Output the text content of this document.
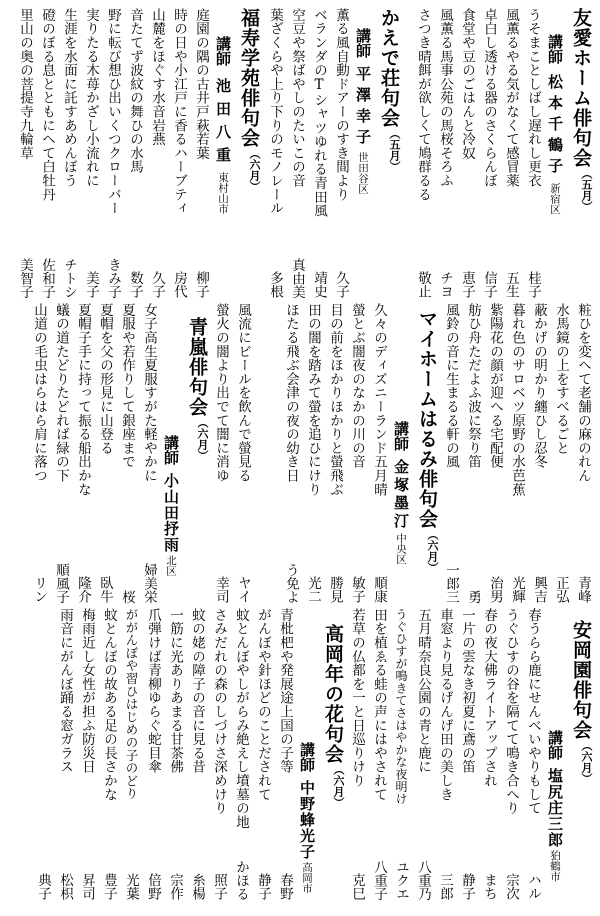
友愛ホーム俳句会
（五月）
講師
松本千鶴子
新宿区
うそまことしばし遅れし更衣
桂子
風薫るやる気がなくて感冒薬
五生
卓白し透ける器のさくらんぼ
信子
食堂や豆のごはんと冷奴
恵子
風薫る馬事公苑の馬桜そろふ
チヨ
さつき晴餌が欲しくて鳩群るる
敬止
かえで荘句会
（五月）
講師
平澤幸子
世田谷区
薫る風自動ドアーのすき間より
久子
ベランダのTシャツゆれる青田風
靖史
空豆や祭ばやしのたいこの音
真由美
葉ざくらや上り下りのモノレール
多根
福寿学苑俳句会
（六月）
講師
池田八重
東村山市
庭園の隅の古井戸萩若葉
柳子
時の日や小江戸に香るハーブティ
房代
山麓をほぐす水音岩燕
久子
音たてず波紋の舞ひの水馬
数子
野に転び想ひ出いくつクローバー
きみ子
実りたる木苺かざし小流れに
美子
生涯を水面に託すあめんぼう
チトシ
磴のぼる息とともにへて白牡丹
佐和子
里山の奥の菩提寺九輪草
美智子
粧ひを変へて老舗の麻のれん
青峰
水馬鏡の上をすべるごと
正弘
蔽かげの明かり纏ひし忍冬
興吉
暮れ色のサロベツ原野の水芭蕉
光輝
紫陽花の顔が迎へる宅配便
治男
舫ひ舟ただよふ波に祭り笛
勇
風鈴の音に生まるる軒の風
一郎三
マイホームはるみ俳句会
（六月）
講師
金塚墨汀
中央区
久々のディズニーランド五月晴
順康
螢とぶ闇夜のなかの川の音
敏子
目の前をほかりほかりと螢飛ぶ
勝見
田の闇を踏みて螢を追ひにけり
光二
ほたる飛ぶ会津の夜の幼き日
う免よ
風流にビールを飲んで螢見る
ヤイ
螢火の闇より出でて闇に消ゆ
幸司
青嵐俳句会
（六月）
講師
小山田抒雨
北区
女子高生夏服すがた軽やかに
婦美栄
夏服や若作りして銀座まで
桜
夏帽を父の形見に山登る
臥牛
夏帽子手に持って振る船出かな
隆介
蟻の道たどりたどれば緑の下
順風子
山道の毛虫はらはら肩に落つ
リン
安岡園俳句会
（六月）
講師
塩尻庄三郎
狛鶴市
春うらら鹿にせんべいやりもして
ハル
うぐひすの谷を隔てて鳴き合へり
宗次
春の夜大佛ライトアップされ
まち
一片の雲なき初夏に鳶の笛
静子
車窓より見るげんげ田の美しき
三郎
五月晴奈良公園の青と鹿に
八重乃
うぐひすが鳴きてさはやかな夜明け
ユクエ
田を植ゑる蛙の声にはやされて
八重子
若草の仏都を一と日巡りけり
克巳
高岡年の花句会
（六月）
講師
中野蜂光子
高岡市
青枇杷や発展途上国の子等
春野
がんぼや針ほどのことだされて
静子
蚊とんぼやしがらみ絶えし墳墓の地
かほる
さみだれの森のしづけさ深めけり
照子
蚊の姥の障子の音に見る昔
糸楊
一筋に光ありあまる甘茶佛
宗作
爪弾けば青柳ゆらぐ蛇目傘
倍野
ががんぼや習ひはじめの子のどり
光葉
蚊とんぼの故ある足の長さかな
豊子
梅雨近し女性が担ふ防災日
昇司
雨音にがんぼ踊る窓ガラス
松枳
典子
